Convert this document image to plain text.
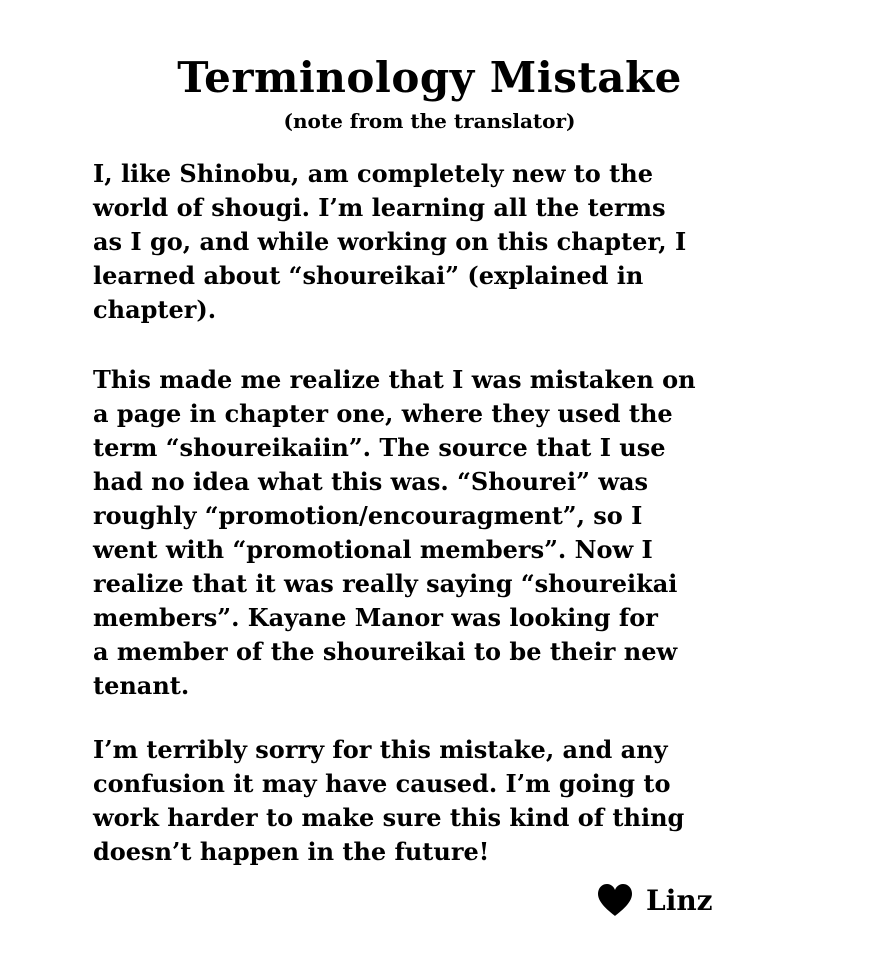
Terminology Mistake
(note from the translator)

I, like Shinobu, am completely new to the
world of shougi. I’m learning all the terms
as I go, and while working on this chapter, I
learned about “shoureikai” (explained in
chapter).

This made me realize that I was mistaken on
a page in chapter one, where they used the
term “shoureikaiin”. The source that I use
had no idea what this was. “Shourei” was
roughly “promotion/encouragment”, so I
went with “promotional members”. Now I
realize that it was really saying “shoureikai
members”. Kayane Manor was looking for
a member of the shoureikai to be their new
tenant.

I’m terribly sorry for this mistake, and any
confusion it may have caused. I’m going to
work harder to make sure this kind of thing
doesn’t happen in the future!

Linz
